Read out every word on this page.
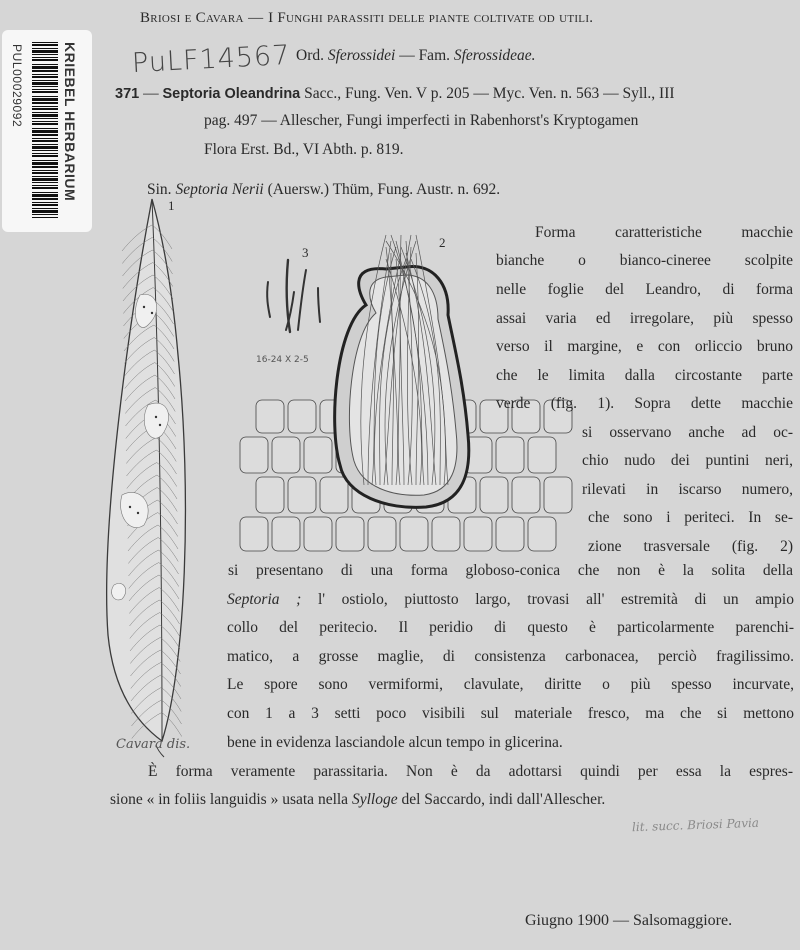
KRIEBEL HERBARIUM
PUL00029092
Briosi e Cavara — I Funghi parassiti delle piante coltivate od utili.
PuLF14567 Ord. Sferossidei — Fam. Sferossideae.
371 — Septoria Oleandrina Sacc., Fung. Ven. V p. 205 — Myc. Ven. n. 563 — Syll., III
pag. 497 — Allescher, Fungi imperfecti in Rabenhorst's Kryptogamen
Flora Erst. Bd., VI Abth. p. 819.
Sin. Septoria Nerii (Auersw.) Thüm, Fung. Austr. n. 692.
1
Cavara dis.
3
16-24 X 2-5
2
Forma caratteristiche macchie
bianche o bianco-cineree scolpite
nelle foglie del Leandro, di forma
assai varia ed irregolare, più spesso
verso il margine, e con orliccio bruno
che le limita dalla circostante parte
verde (fig. 1). Sopra dette macchie
si osservano anche ad oc-
chio nudo dei puntini neri,
rilevati in iscarso numero,
che sono i periteci. In se-
zione trasversale (fig. 2)
si presentano di una forma globoso-conica che non è la solita della
Septoria ; l' ostiolo, piuttosto largo, trovasi all' estremità di un ampio
collo del peritecio. Il peridio di questo è particolarmente parenchi-
matico, a grosse maglie, di consistenza carbonacea, perciò fragilissimo.
Le spore sono vermiformi, clavulate, diritte o più spesso incurvate,
con 1 a 3 setti poco visibili sul materiale fresco, ma che si mettono
bene in evidenza lasciandole alcun tempo in glicerina.
È forma veramente parassitaria. Non è da adottarsi quindi per essa la espres-
sione « in foliis languidis » usata nella Sylloge del Saccardo, indi dall'Allescher.
lit. succ. Briosi Pavia
Giugno 1900 — Salsomaggiore.
